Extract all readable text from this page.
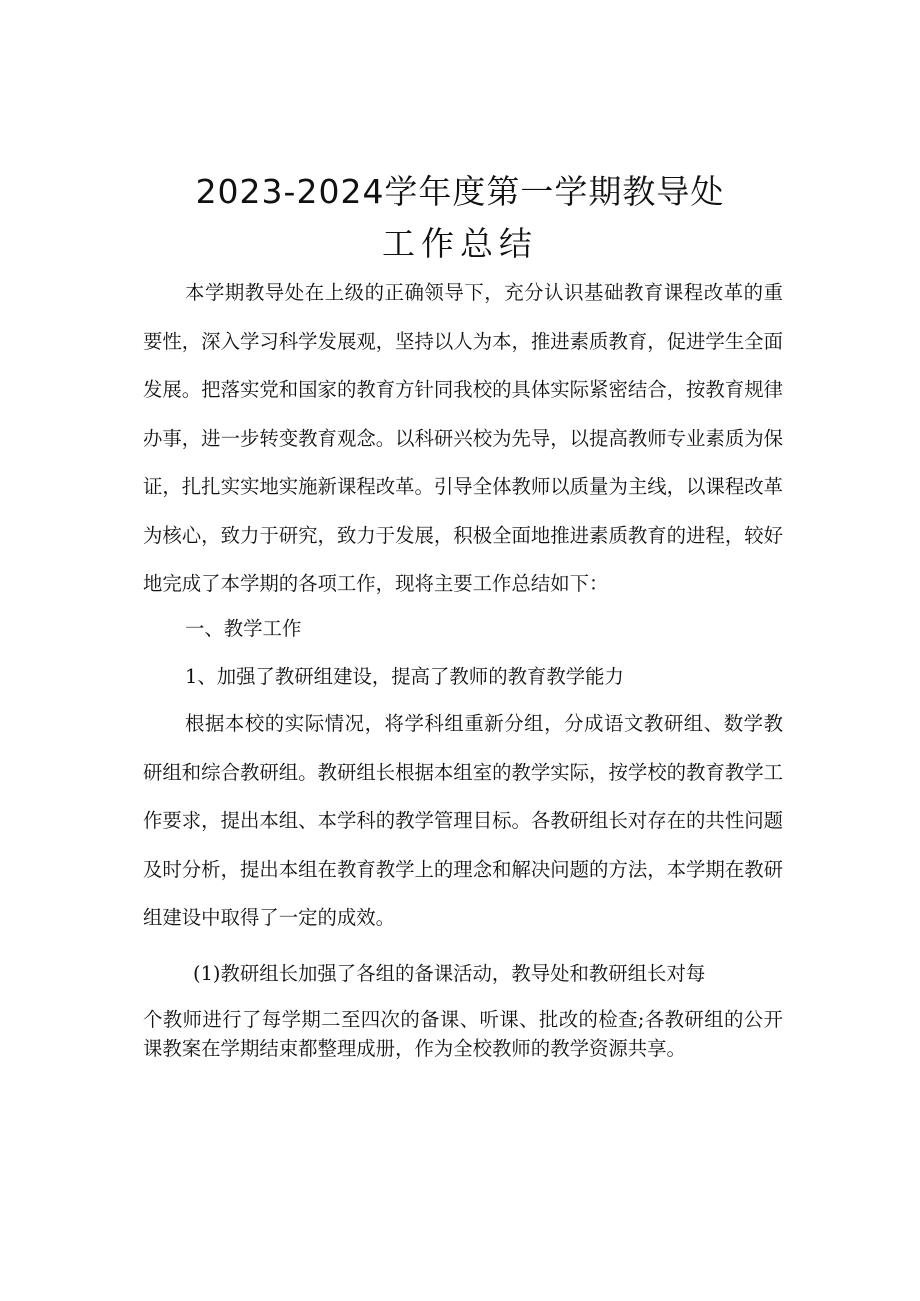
2023-2024学年度第一学期教导处
工作总结

本学期教导处在上级的正确领导下，充分认识基础教育课程改革的重要性，深入学习科学发展观，坚持以人为本，推进素质教育，促进学生全面发展。把落实党和国家的教育方针同我校的具体实际紧密结合，按教育规律办事，进一步转变教育观念。以科研兴校为先导，以提高教师专业素质为保证，扎扎实实地实施新课程改革。引导全体教师以质量为主线，以课程改革为核心，致力于研究，致力于发展，积极全面地推进素质教育的进程，较好地完成了本学期的各项工作，现将主要工作总结如下：

一、教学工作

1、加强了教研组建设，提高了教师的教育教学能力

根据本校的实际情况，将学科组重新分组，分成语文教研组、数学教研组和综合教研组。教研组长根据本组室的教学实际，按学校的教育教学工作要求，提出本组、本学科的教学管理目标。各教研组长对存在的共性问题及时分析，提出本组在教育教学上的理念和解决问题的方法，本学期在教研组建设中取得了一定的成效。

(1)教研组长加强了各组的备课活动，教导处和教研组长对每

个教师进行了每学期二至四次的备课、听课、批改的检查;各教研组的公开课教案在学期结束都整理成册，作为全校教师的教学资源共享。
